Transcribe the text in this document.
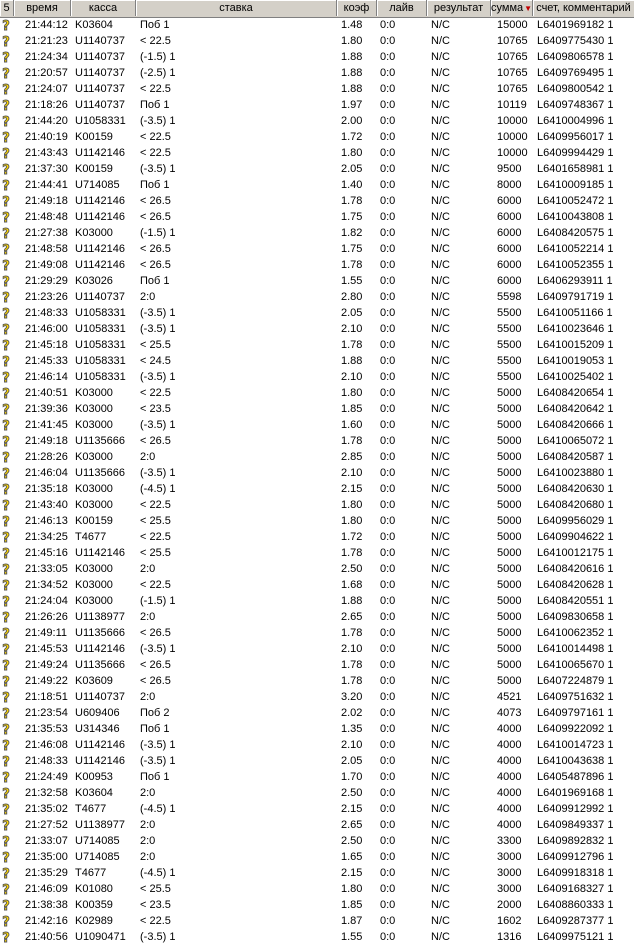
5	время	касса	ставка	коэф	лайв	результат сумма▼ счет, комментарий
? 21:44:12 K03604	Поб 1	1.48	0:0	N/C	15000 L6401969182 1
? 21:21:23 U1140737	< 22.5	1.80	0:0	N/C	10765 L6409775430 1
? 21:24:34 U1140737	(-1.5) 1	1.88	0:0	N/C	10765 L6409806578 1
? 21:20:57 U1140737	(-2.5) 1	1.88	0:0	N/C	10765 L6409769495 1
? 21:24:07 U1140737	< 22.5	1.88	0:0	N/C	10765 L6409800542 1
? 21:18:26 U1140737	Поб 1	1.97	0:0	N/C	10119 L6409748367 1
? 21:44:20 U1058331	(-3.5) 1	2.00	0:0	N/C	10000 L6410004996 1
? 21:40:19 K00159	< 22.5	1.72	0:0	N/C	10000 L6409956017 1
? 21:43:43 U1142146	< 22.5	1.80	0:0	N/C	10000 L6409994429 1
? 21:37:30 K00159	(-3.5) 1	2.05	0:0	N/C	9500	L6401658981 1
? 21:44:41 U714085	Поб 1	1.40	0:0	N/C	8000	L6410009185 1
? 21:49:18 U1142146	< 26.5	1.78	0:0	N/C	6000	L6410052472 1
? 21:48:48 U1142146	< 26.5	1.75	0:0	N/C	6000	L6410043808 1
? 21:27:38 K03000	(-1.5) 1	1.82	0:0	N/C	6000	L6408420575 1
? 21:48:58 U1142146	< 26.5	1.75	0:0	N/C	6000	L6410052214 1
? 21:49:08 U1142146	< 26.5	1.78	0:0	N/C	6000	L6410052355 1
? 21:29:29 K03026	Поб 1	1.55	0:0	N/C	6000	L6406293911 1
? 21:23:26 U1140737	2:0	2.80	0:0	N/C	5598	L6409791719 1
? 21:48:33 U1058331	(-3.5) 1	2.05	0:0	N/C	5500	L6410051166 1
? 21:46:00 U1058331	(-3.5) 1	2.10	0:0	N/C	5500	L6410023646 1
? 21:45:18 U1058331	< 25.5	1.78	0:0	N/C	5500	L6410015209 1
? 21:45:33 U1058331	< 24.5	1.88	0:0	N/C	5500	L6410019053 1
? 21:46:14 U1058331	(-3.5) 1	2.10	0:0	N/C	5500	L6410025402 1
? 21:40:51 K03000	< 22.5	1.80	0:0	N/C	5000	L6408420654 1
? 21:39:36 K03000	< 23.5	1.85	0:0	N/C	5000	L6408420642 1
? 21:41:45 K03000	(-3.5) 1	1.60	0:0	N/C	5000	L6408420666 1
? 21:49:18 U1135666	< 26.5	1.78	0:0	N/C	5000	L6410065072 1
? 21:28:26 K03000	2:0	2.85	0:0	N/C	5000	L6408420587 1
? 21:46:04 U1135666	(-3.5) 1	2.10	0:0	N/C	5000	L6410023880 1
? 21:35:18 K03000	(-4.5) 1	2.15	0:0	N/C	5000	L6408420630 1
? 21:43:40 K03000	< 22.5	1.80	0:0	N/C	5000	L6408420680 1
? 21:46:13 K00159	< 25.5	1.80	0:0	N/C	5000	L6409956029 1
? 21:34:25 T4677	< 22.5	1.72	0:0	N/C	5000	L6409904622 1
? 21:45:16 U1142146	< 25.5	1.78	0:0	N/C	5000	L6410012175 1
? 21:33:05 K03000	2:0	2.50	0:0	N/C	5000	L6408420616 1
? 21:34:52 K03000	< 22.5	1.68	0:0	N/C	5000	L6408420628 1
? 21:24:04 K03000	(-1.5) 1	1.88	0:0	N/C	5000	L6408420551 1
? 21:26:26 U1138977	2:0	2.65	0:0	N/C	5000	L6409830658 1
? 21:49:11 U1135666	< 26.5	1.78	0:0	N/C	5000	L6410062352 1
? 21:45:53 U1142146	(-3.5) 1	2.10	0:0	N/C	5000	L6410014498 1
? 21:49:24 U1135666	< 26.5	1.78	0:0	N/C	5000	L6410065670 1
? 21:49:22 K03609	< 26.5	1.78	0:0	N/C	5000	L6407224879 1
? 21:18:51 U1140737	2:0	3.20	0:0	N/C	4521	L6409751632 1
? 21:23:54 U609406	Поб 2	2.02	0:0	N/C	4073	L6409797161 1
? 21:35:53 U314346	Поб 1	1.35	0:0	N/C	4000	L6409922092 1
? 21:46:08 U1142146	(-3.5) 1	2.10	0:0	N/C	4000	L6410014723 1
? 21:48:33 U1142146	(-3.5) 1	2.05	0:0	N/C	4000	L6410043638 1
? 21:24:49 K00953	Поб 1	1.70	0:0	N/C	4000	L6405487896 1
? 21:32:58 K03604	2:0	2.50	0:0	N/C	4000	L6401969168 1
? 21:35:02 T4677	(-4.5) 1	2.15	0:0	N/C	4000	L6409912992 1
? 21:27:52 U1138977	2:0	2.65	0:0	N/C	4000	L6409849337 1
? 21:33:07 U714085	2:0	2.50	0:0	N/C	3300	L6409892832 1
? 21:35:00 U714085	2:0	1.65	0:0	N/C	3000	L6409912796 1
? 21:35:29 T4677	(-4.5) 1	2.15	0:0	N/C	3000	L6409918318 1
? 21:46:09 K01080	< 25.5	1.80	0:0	N/C	3000	L6409168327 1
? 21:38:38 K00359	< 23.5	1.85	0:0	N/C	2000	L6408860333 1
? 21:42:16 K02989	< 22.5	1.87	0:0	N/C	1602	L6409287377 1
? 21:40:56 U1090471	(-3.5) 1	1.55	0:0	N/C	1316	L6409975121 1
